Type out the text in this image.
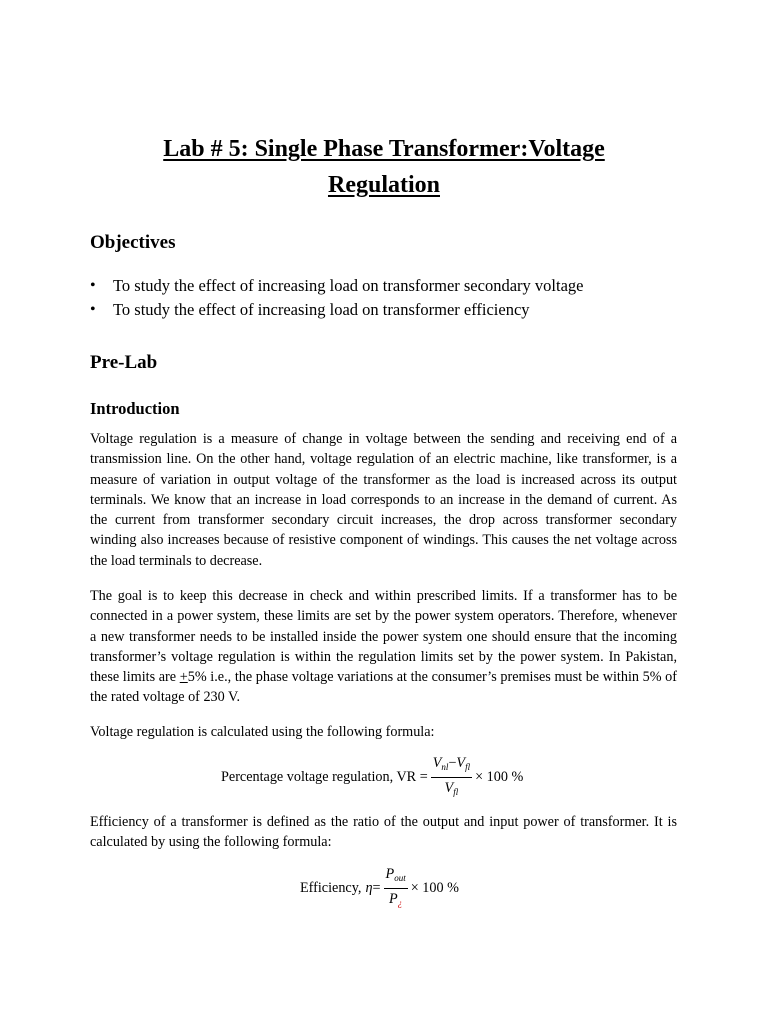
Lab # 5: Single Phase Transformer:Voltage
Regulation
Objectives
• To study the effect of increasing load on transformer secondary voltage
• To study the effect of increasing load on transformer efficiency
Pre-Lab
Introduction

Voltage regulation is a measure of change in voltage between the sending and receiving end of a transmission line. On the other hand, voltage regulation of an electric machine, like transformer, is a measure of variation in output voltage of the transformer as the load is increased across its output terminals. We know that an increase in load corresponds to an increase in the demand of current. As the current from transformer secondary circuit increases, the drop across transformer secondary winding also increases because of resistive component of windings. This causes the net voltage across the load terminals to decrease.

The goal is to keep this decrease in check and within prescribed limits. If a transformer has to be connected in a power system, these limits are set by the power system operators. Therefore, whenever a new transformer needs to be installed inside the power system one should ensure that the incoming transformer’s voltage regulation is within the regulation limits set by the power system. In Pakistan, these limits are +5% i.e., the phase voltage variations at the consumer’s premises must be within 5% of the rated voltage of 230 V.

Voltage regulation is calculated using the following formula:

Percentage voltage regulation, VR = $\frac{V_{nl}-V_{fl}}{V_{fl}} \times 100$ %

Efficiency of a transformer is defined as the ratio of the output and input power of transformer. It is calculated by using the following formula:

Efficiency, $\eta = \frac{P_{out}}{P_¿} \times 100$ %
